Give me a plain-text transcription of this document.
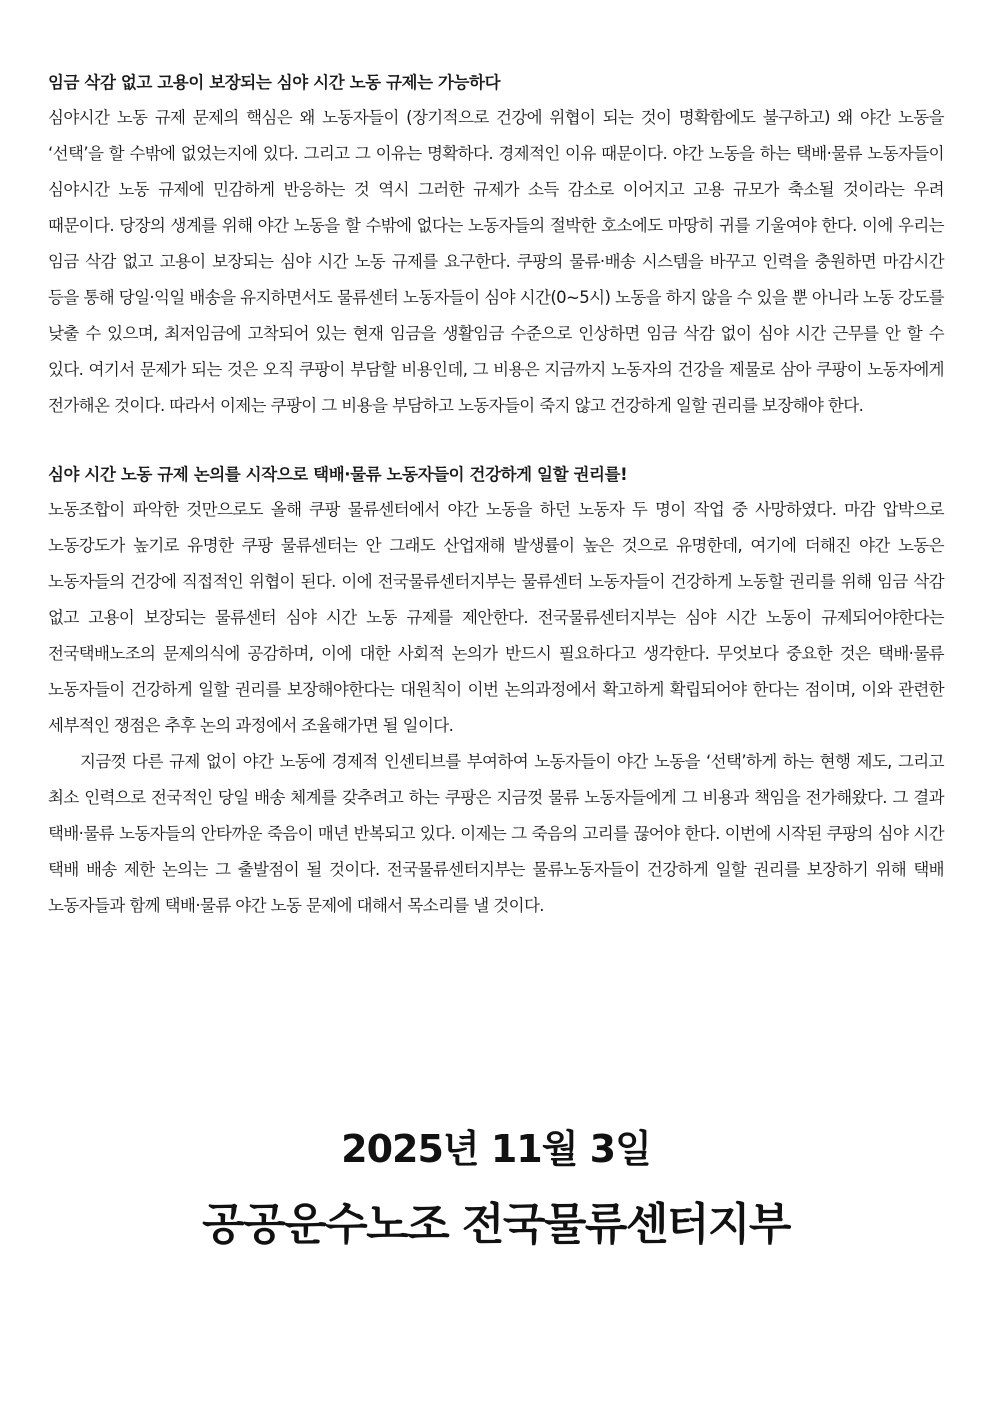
임금 삭감 없고 고용이 보장되는 심야 시간 노동 규제는 가능하다

심야시간 노동 규제 문제의 핵심은 왜 노동자들이 (장기적으로 건강에 위협이 되는 것이 명확함에도 불구하고) 왜 야간 노동을 ‘선택’을 할 수밖에 없었는지에 있다. 그리고 그 이유는 명확하다. 경제적인 이유 때문이다. 야간 노동을 하는 택배·물류 노동자들이 심야시간 노동 규제에 민감하게 반응하는 것 역시 그러한 규제가 소득 감소로 이어지고 고용 규모가 축소될 것이라는 우려 때문이다. 당장의 생계를 위해 야간 노동을 할 수밖에 없다는 노동자들의 절박한 호소에도 마땅히 귀를 기울여야 한다. 이에 우리는 임금 삭감 없고 고용이 보장되는 심야 시간 노동 규제를 요구한다. 쿠팡의 물류·배송 시스템을 바꾸고 인력을 충원하면 마감시간 등을 통해 당일·익일 배송을 유지하면서도 물류센터 노동자들이 심야 시간(0~5시) 노동을 하지 않을 수 있을 뿐 아니라 노동 강도를 낮출 수 있으며, 최저임금에 고착되어 있는 현재 임금을 생활임금 수준으로 인상하면 임금 삭감 없이 심야 시간 근무를 안 할 수 있다. 여기서 문제가 되는 것은 오직 쿠팡이 부담할 비용인데, 그 비용은 지금까지 노동자의 건강을 제물로 삼아 쿠팡이 노동자에게 전가해온 것이다. 따라서 이제는 쿠팡이 그 비용을 부담하고 노동자들이 죽지 않고 건강하게 일할 권리를 보장해야 한다.

심야 시간 노동 규제 논의를 시작으로 택배·물류 노동자들이 건강하게 일할 권리를!

노동조합이 파악한 것만으로도 올해 쿠팡 물류센터에서 야간 노동을 하던 노동자 두 명이 작업 중 사망하였다. 마감 압박으로 노동강도가 높기로 유명한 쿠팡 물류센터는 안 그래도 산업재해 발생률이 높은 것으로 유명한데, 여기에 더해진 야간 노동은 노동자들의 건강에 직접적인 위협이 된다. 이에 전국물류센터지부는 물류센터 노동자들이 건강하게 노동할 권리를 위해 임금 삭감 없고 고용이 보장되는 물류센터 심야 시간 노동 규제를 제안한다. 전국물류센터지부는 심야 시간 노동이 규제되어야한다는 전국택배노조의 문제의식에 공감하며, 이에 대한 사회적 논의가 반드시 필요하다고 생각한다. 무엇보다 중요한 것은 택배·물류 노동자들이 건강하게 일할 권리를 보장해야한다는 대원칙이 이번 논의과정에서 확고하게 확립되어야 한다는 점이며, 이와 관련한 세부적인 쟁점은 추후 논의 과정에서 조율해가면 될 일이다.

지금껏 다른 규제 없이 야간 노동에 경제적 인센티브를 부여하여 노동자들이 야간 노동을 ‘선택’하게 하는 현행 제도, 그리고 최소 인력으로 전국적인 당일 배송 체계를 갖추려고 하는 쿠팡은 지금껏 물류 노동자들에게 그 비용과 책임을 전가해왔다. 그 결과 택배·물류 노동자들의 안타까운 죽음이 매년 반복되고 있다. 이제는 그 죽음의 고리를 끊어야 한다. 이번에 시작된 쿠팡의 심야 시간 택배 배송 제한 논의는 그 출발점이 될 것이다. 전국물류센터지부는 물류노동자들이 건강하게 일할 권리를 보장하기 위해 택배 노동자들과 함께 택배·물류 야간 노동 문제에 대해서 목소리를 낼 것이다.

2025년 11월 3일
공공운수노조 전국물류센터지부
